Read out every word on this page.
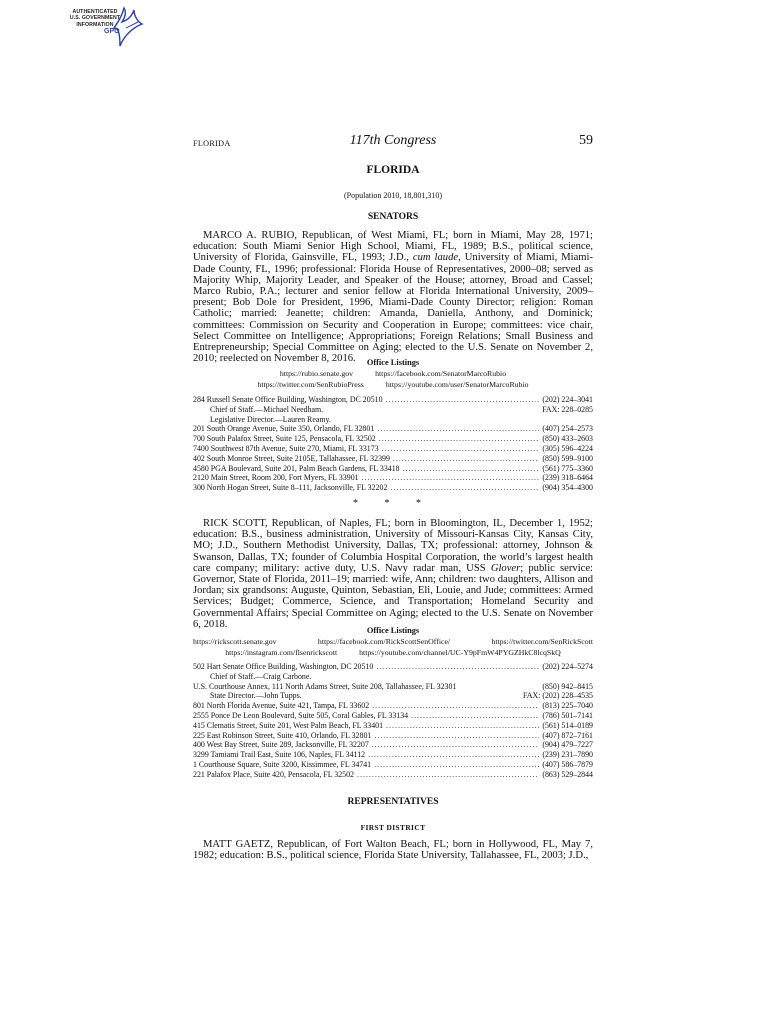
AUTHENTICATED
U.S. GOVERNMENT
INFORMATION
GPO
FLORIDA	117th Congress	59
FLORIDA
(Population 2010, 18,801,310)
SENATORS

MARCO A. RUBIO, Republican, of West Miami, FL; born in Miami, May 28, 1971; education: South Miami Senior High School, Miami, FL, 1989; B.S., political science, University of Florida, Gainsville, FL, 1993; J.D., cum laude, University of Miami, Miami-Dade County, FL, 1996; professional: Florida House of Representatives, 2000–08; served as Majority Whip, Majority Leader, and Speaker of the House; attorney, Broad and Cassel; Marco Rubio, P.A.; lecturer and senior fellow at Florida International University, 2009–present; Bob Dole for President, 1996, Miami-Dade County Director; religion: Roman Catholic; married: Jeanette; children: Amanda, Daniella, Anthony, and Dominick; committees: Commission on Security and Cooperation in Europe; committees: vice chair, Select Committee on Intelligence; Appropriations; Foreign Relations; Small Business and Entrepreneurship; Special Committee on Aging; elected to the U.S. Senate on November 2, 2010; reelected on November 8, 2016.	Office Listings
https://rubio.senate.gov	https://facebook.com/SenatorMarcoRubio
https://twitter.com/SenRubioPress	https://youtube.com/user/SenatorMarcoRubio
284 Russell Senate Office Building, Washington, DC 20510 .....	(202) 224–3041
Chief of Staff.—Michael Needham.	FAX: 228–0285
Legislative Director.—Lauren Reamy.
201 South Orange Avenue, Suite 350, Orlando, FL 32801 .....	(407) 254–2573
700 South Palafox Street, Suite 125, Pensacola, FL 32502 .....	(850) 433–2603
7400 Southwest 87th Avenue, Suite 270, Miami, FL 33173 .....	(305) 596–4224
402 South Monroe Street, Suite 2105E, Tallahassee, FL 32399 .....	(850) 599–9100
4580 PGA Boulevard, Suite 201, Palm Beach Gardens, FL 33418 .....	(561) 775–3360
2120 Main Street, Room 200, Fort Myers, FL 33901 .....	(239) 318–6464
300 North Hogan Street, Suite 8–111, Jacksonville, FL 32202 .....	(904) 354–4300
* * *

RICK SCOTT, Republican, of Naples, FL; born in Bloomington, IL, December 1, 1952; education: B.S., business administration, University of Missouri-Kansas City, Kansas City, MO; J.D., Southern Methodist University, Dallas, TX; professional: attorney, Johnson & Swanson, Dallas, TX; founder of Columbia Hospital Corporation, the world’s largest health care company; military: active duty, U.S. Navy radar man, USS Glover; public service: Governor, State of Florida, 2011–19; married: wife, Ann; children: two daughters, Allison and Jordan; six grandsons: Auguste, Quinton, Sebastian, Eli, Louie, and Jude; committees: Armed Services; Budget; Commerce, Science, and Transportation; Homeland Security and Governmental Affairs; Special Committee on Aging; elected to the U.S. Senate on November 6, 2018.

Office Listings
https://rickscott.senate.gov	https://facebook.com/RickScottSenOffice/	https://twitter.com/SenRickScott
https://instagram.com/flsenrickscott	https://youtube.com/channel/UC-Y9pFmW4PYGZHkC8lcqSkQ
502 Hart Senate Office Building, Washington, DC 20510 .....	(202) 224–5274
Chief of Staff.—Craig Carbone.
U.S. Courthouse Annex, 111 North Adams Street, Suite 208, Tallahassee, FL 32301	(850) 942–8415
State Director.—John Tupps.	FAX: (202) 228–4535
801 North Florida Avenue, Suite 421, Tampa, FL 33602 .....	(813) 225–7040
2555 Ponce De Leon Boulevard, Suite 505, Coral Gables, FL 33134 .....	(786) 501–7141
415 Clematis Street, Suite 201, West Palm Beach, FL 33401 .....	(561) 514–0189
225 East Robinson Street, Suite 410, Orlando, FL 32801 .....	(407) 872–7161
400 West Bay Street, Suite 289, Jacksonville, FL 32207 .....	(904) 479–7227
3299 Tamiami Trail East, Suite 106, Naples, FL 34112 .....	(239) 231–7890
1 Courthouse Square, Suite 3200, Kissimmee, FL 34741 .....	(407) 586–7879
221 Palafox Place, Suite 420, Pensacola, FL 32502 .....	(863) 529–2844
REPRESENTATIVES
FIRST DISTRICT

MATT GAETZ, Republican, of Fort Walton Beach, FL; born in Hollywood, FL, May 7, 1982; education: B.S., political science, Florida State University, Tallahassee, FL, 2003; J.D.,
